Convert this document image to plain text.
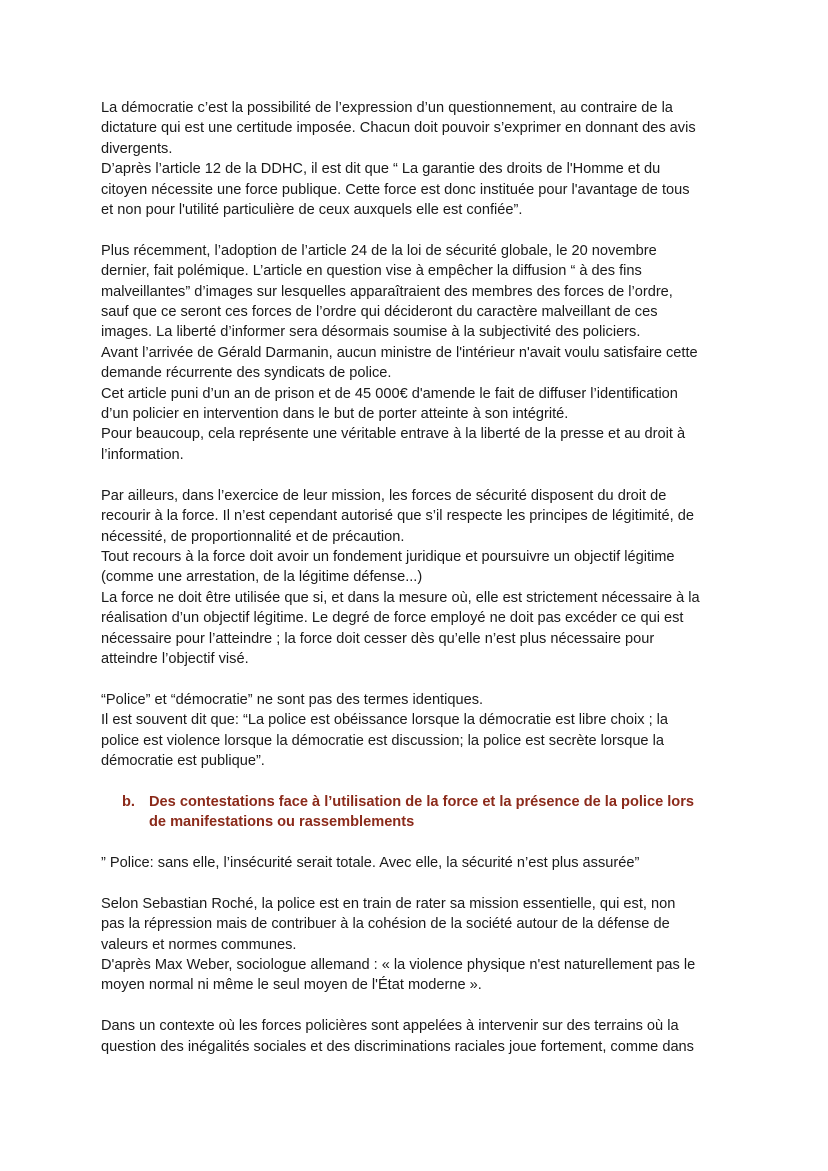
La démocratie c’est la possibilité de l’expression d’un questionnement, au contraire de la
dictature qui est une certitude imposée. Chacun doit pouvoir s’exprimer en donnant des avis
divergents.
D’après l’article 12 de la DDHC, il est dit que “ La garantie des droits de l'Homme et du
citoyen nécessite une force publique. Cette force est donc instituée pour l'avantage de tous
et non pour l'utilité particulière de ceux auxquels elle est confiée”.

Plus récemment, l’adoption de l’article 24 de la loi de sécurité globale, le 20 novembre
dernier, fait polémique. L’article en question vise à empêcher la diffusion “ à des fins
malveillantes” d’images sur lesquelles apparaîtraient des membres des forces de l’ordre,
sauf que ce seront ces forces de l’ordre qui décideront du caractère malveillant de ces
images. La liberté d’informer sera désormais soumise à la subjectivité des policiers.
Avant l’arrivée de Gérald Darmanin, aucun ministre de l'intérieur n'avait voulu satisfaire cette
demande récurrente des syndicats de police.
Cet article puni d’un an de prison et de 45 000€ d'amende le fait de diffuser l’identification
d’un policier en intervention dans le but de porter atteinte à son intégrité.
Pour beaucoup, cela représente une véritable entrave à la liberté de la presse et au droit à
l’information.

Par ailleurs, dans l’exercice de leur mission, les forces de sécurité disposent du droit de
recourir à la force. Il n’est cependant autorisé que s’il respecte les principes de légitimité, de
nécessité, de proportionnalité et de précaution.
Tout recours à la force doit avoir un fondement juridique et poursuivre un objectif légitime
(comme une arrestation, de la légitime défense...)
La force ne doit être utilisée que si, et dans la mesure où, elle est strictement nécessaire à la
réalisation d’un objectif légitime. Le degré de force employé ne doit pas excéder ce qui est
nécessaire pour l’atteindre ; la force doit cesser dès qu’elle n’est plus nécessaire pour
atteindre l’objectif visé.

“Police” et “démocratie” ne sont pas des termes identiques.
Il est souvent dit que: “La police est obéissance lorsque la démocratie est libre choix ; la
police est violence lorsque la démocratie est discussion; la police est secrète lorsque la
démocratie est publique”.

b. Des contestations face à l’utilisation de la force et la présence de la police lors
de manifestations ou rassemblements

” Police: sans elle, l’insécurité serait totale. Avec elle, la sécurité n’est plus assurée”

Selon Sebastian Roché, la police est en train de rater sa mission essentielle, qui est, non
pas la répression mais de contribuer à la cohésion de la société autour de la défense de
valeurs et normes communes.
D'après Max Weber, sociologue allemand : « la violence physique n'est naturellement pas le
moyen normal ni même le seul moyen de l'État moderne ».

Dans un contexte où les forces policières sont appelées à intervenir sur des terrains où la
question des inégalités sociales et des discriminations raciales joue fortement, comme dans
